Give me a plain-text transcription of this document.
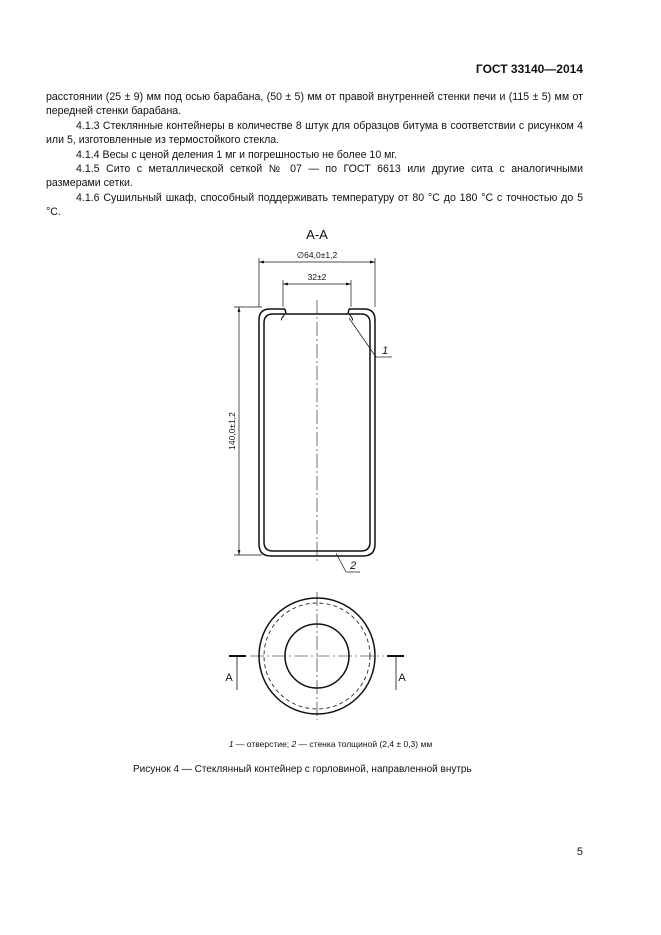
ГОСТ 33140—2014

расстоянии (25 ± 9) мм под осью барабана, (50 ± 5) мм от правой внутренней стенки печи и (115 ± 5) мм от передней стенки барабана.

4.1.3 Стеклянные контейнеры в количестве 8 штук для образцов битума в соответствии с рисунком 4 или 5, изготовленные из термостойкого стекла.

4.1.4 Весы с ценой деления 1 мг и погрешностью не более 10 мг.

4.1.5 Сито с металлической сеткой № 07 — по ГОСТ 6613 или другие сита с аналогичными размерами сетки.

4.1.6 Сушильный шкаф, способный поддерживать температуру от 80 °C до 180 °C с точностью до 5 °C.

А-А
∅64,0±1,2
32±2
140,0±1,2
1
2
А	А
1 — отверстие; 2 — стенка толщиной (2,4 ± 0,3) мм
Рисунок 4 — Стеклянный контейнер с горловиной, направленной внутрь
5
